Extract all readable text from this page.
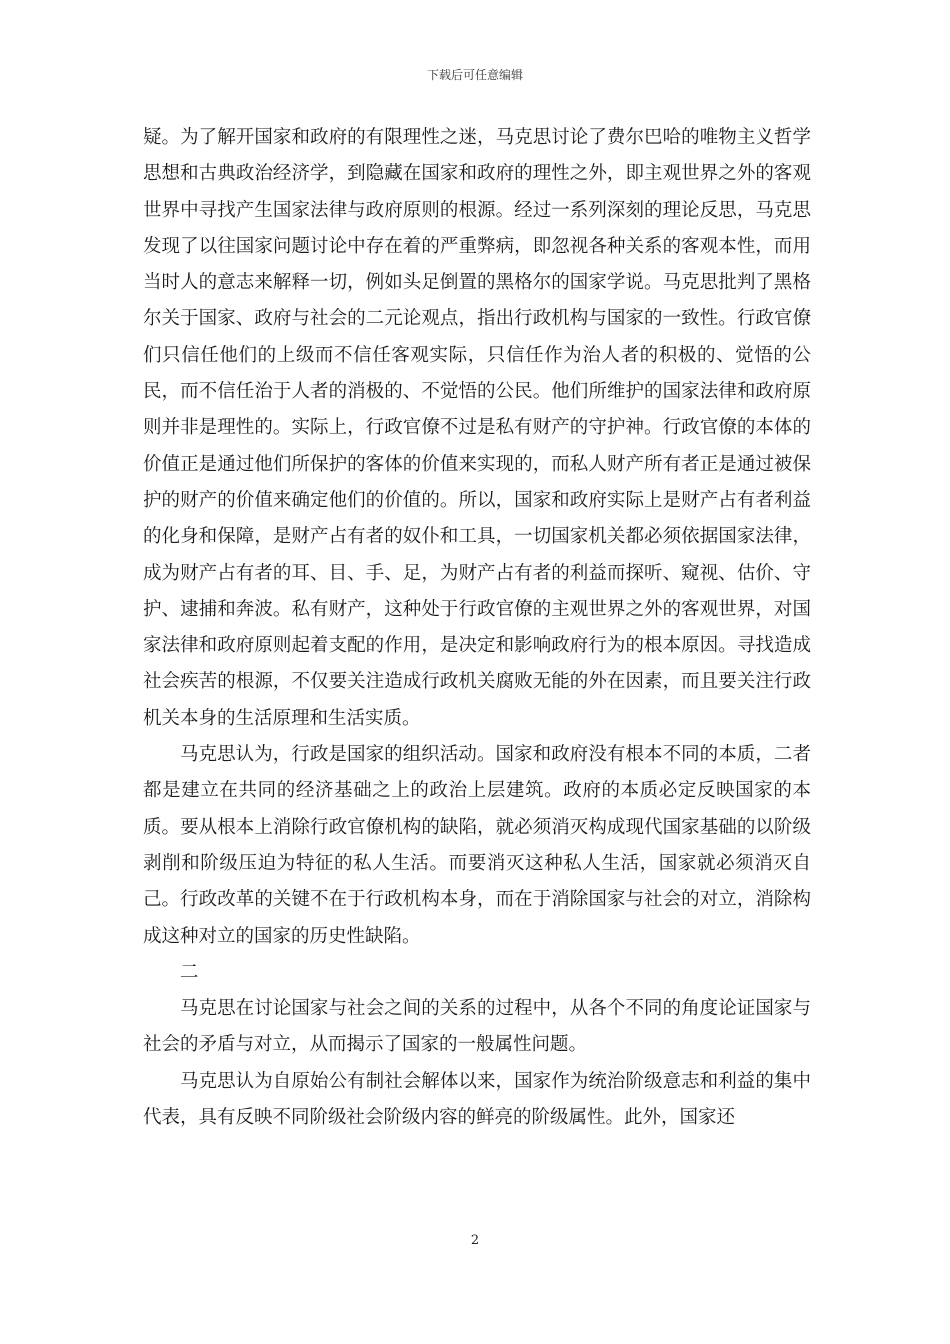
下载后可任意编辑

疑。为了解开国家和政府的有限理性之迷，马克思讨论了费尔巴哈的唯物主义哲学思想和古典政治经济学，到隐藏在国家和政府的理性之外，即主观世界之外的客观世界中寻找产生国家法律与政府原则的根源。经过一系列深刻的理论反思，马克思发现了以往国家问题讨论中存在着的严重弊病，即忽视各种关系的客观本性，而用当时人的意志来解释一切，例如头足倒置的黑格尔的国家学说。马克思批判了黑格尔关于国家、政府与社会的二元论观点，指出行政机构与国家的一致性。行政官僚们只信任他们的上级而不信任客观实际，只信任作为治人者的积极的、觉悟的公民，而不信任治于人者的消极的、不觉悟的公民。他们所维护的国家法律和政府原则并非是理性的。实际上，行政官僚不过是私有财产的守护神。行政官僚的本体的价值正是通过他们所保护的客体的价值来实现的，而私人财产所有者正是通过被保护的财产的价值来确定他们的价值的。所以，国家和政府实际上是财产占有者利益的化身和保障，是财产占有者的奴仆和工具，一切国家机关都必须依据国家法律，成为财产占有者的耳、目、手、足，为财产占有者的利益而探听、窥视、估价、守护、逮捕和奔波。私有财产，这种处于行政官僚的主观世界之外的客观世界，对国家法律和政府原则起着支配的作用，是决定和影响政府行为的根本原因。寻找造成社会疾苦的根源，不仅要关注造成行政机关腐败无能的外在因素，而且要关注行政机关本身的生活原理和生活实质。

马克思认为，行政是国家的组织活动。国家和政府没有根本不同的本质，二者都是建立在共同的经济基础之上的政治上层建筑。政府的本质必定反映国家的本质。要从根本上消除行政官僚机构的缺陷，就必须消灭构成现代国家基础的以阶级剥削和阶级压迫为特征的私人生活。而要消灭这种私人生活，国家就必须消灭自己。行政改革的关键不在于行政机构本身，而在于消除国家与社会的对立，消除构成这种对立的国家的历史性缺陷。

二

马克思在讨论国家与社会之间的关系的过程中，从各个不同的角度论证国家与社会的矛盾与对立，从而揭示了国家的一般属性问题。

马克思认为自原始公有制社会解体以来，国家作为统治阶级意志和利益的集中代表，具有反映不同阶级社会阶级内容的鲜亮的阶级属性。此外，国家还

2
